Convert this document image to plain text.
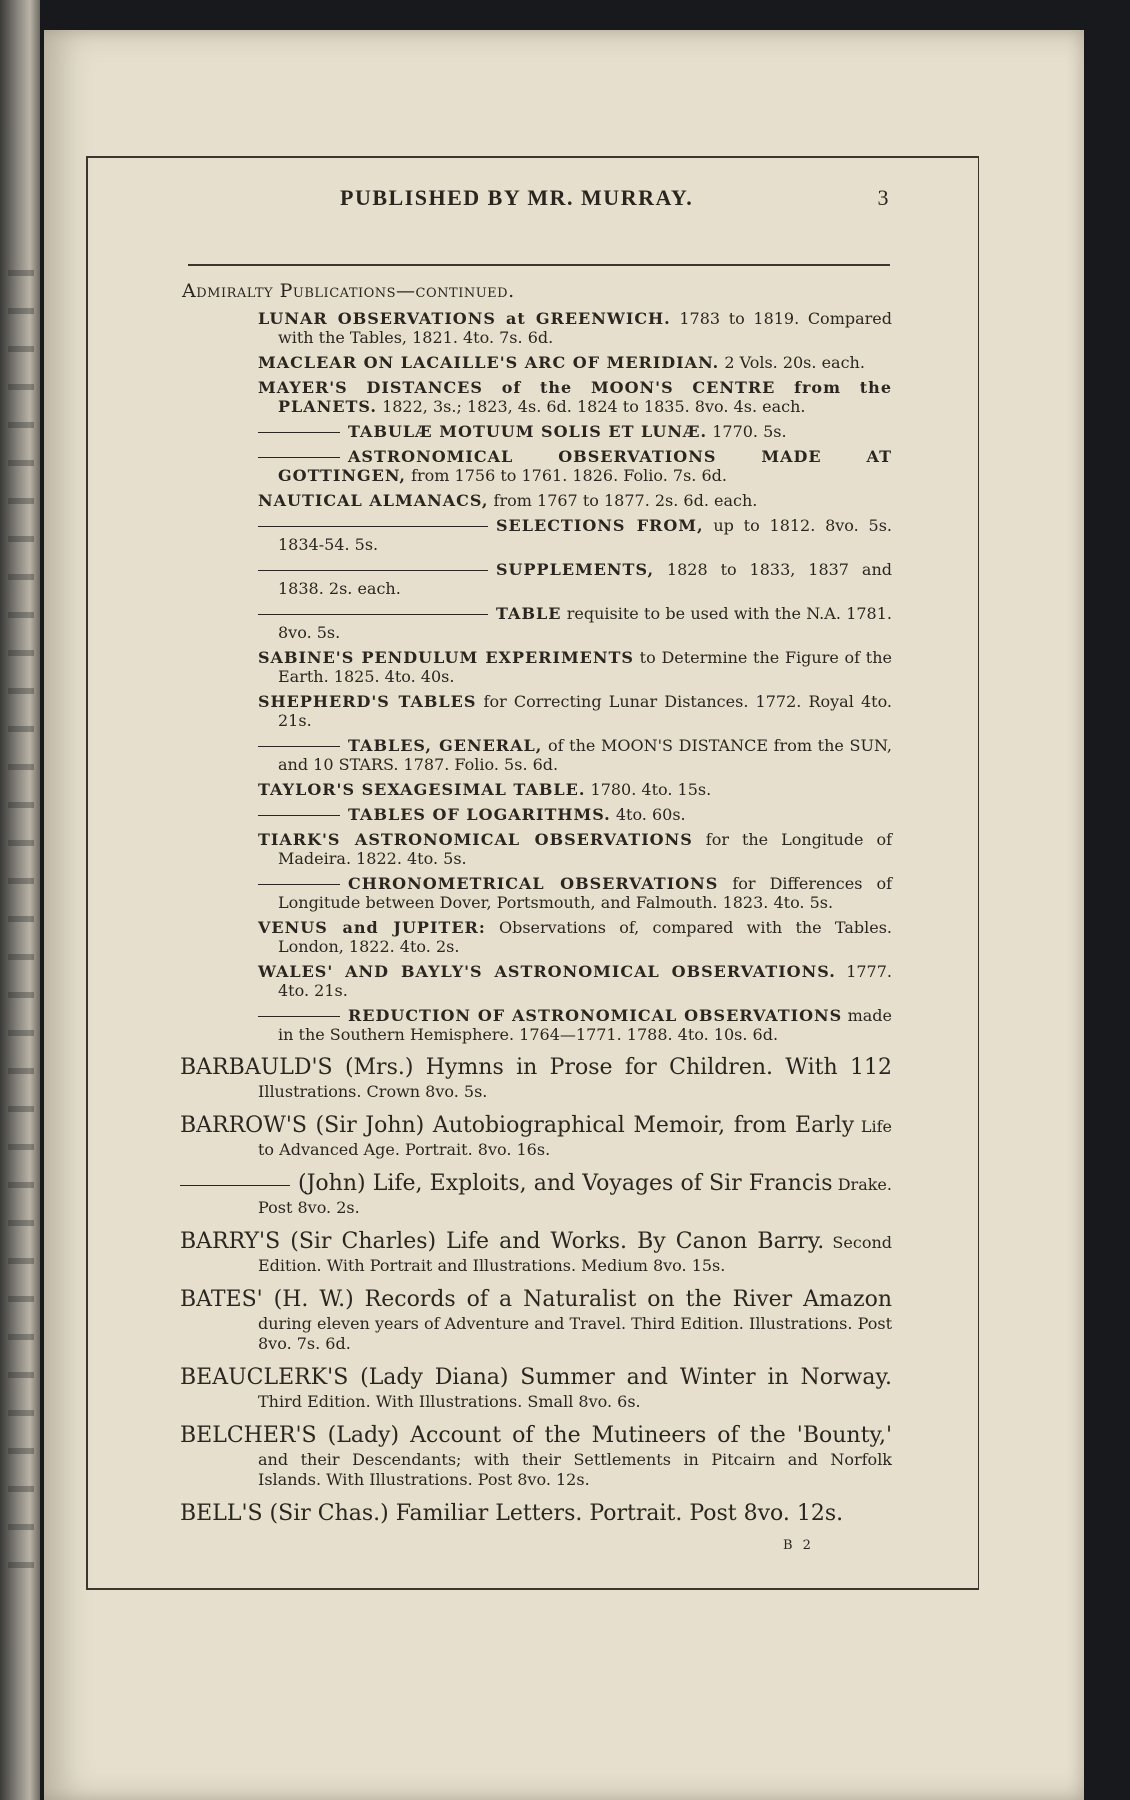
PUBLISHED BY MR. MURRAY.	3
Admiralty Publications—continued.
LUNAR OBSERVATIONS at GREENWICH. 1783 to 1819. Compared with the Tables, 1821. 4to. 7s. 6d.
MACLEAR ON LACAILLE'S ARC OF MERIDIAN. 2 Vols. 20s. each.
MAYER'S DISTANCES of the MOON'S CENTRE from the PLANETS. 1822, 3s.; 1823, 4s. 6d. 1824 to 1835. 8vo. 4s. each.
TABULÆ MOTUUM SOLIS ET LUNÆ. 1770. 5s.
ASTRONOMICAL OBSERVATIONS MADE AT GOTTINGEN, from 1756 to 1761. 1826. Folio. 7s. 6d.
NAUTICAL ALMANACS, from 1767 to 1877. 2s. 6d. each.
SELECTIONS FROM, up to 1812. 8vo. 5s. 1834-54. 5s.
SUPPLEMENTS, 1828 to 1833, 1837 and 1838. 2s. each.
TABLE requisite to be used with the N.A. 1781. 8vo. 5s.
SABINE'S PENDULUM EXPERIMENTS to Determine the Figure of the Earth. 1825. 4to. 40s.
SHEPHERD'S TABLES for Correcting Lunar Distances. 1772. Royal 4to. 21s.
TABLES, GENERAL, of the MOON'S DISTANCE from the SUN, and 10 STARS. 1787. Folio. 5s. 6d.
TAYLOR'S SEXAGESIMAL TABLE. 1780. 4to. 15s.
TABLES OF LOGARITHMS. 4to. 60s.
TIARK'S ASTRONOMICAL OBSERVATIONS for the Longitude of Madeira. 1822. 4to. 5s.
CHRONOMETRICAL OBSERVATIONS for Differences of Longitude between Dover, Portsmouth, and Falmouth. 1823. 4to. 5s.
VENUS and JUPITER: Observations of, compared with the Tables. London, 1822. 4to. 2s.
WALES' AND BAYLY'S ASTRONOMICAL OBSERVATIONS. 1777. 4to. 21s.
REDUCTION OF ASTRONOMICAL OBSERVATIONS made in the Southern Hemisphere. 1764—1771. 1788. 4to. 10s. 6d.
BARBAULD'S (Mrs.) Hymns in Prose for Children. With 112 Illustrations. Crown 8vo. 5s.
BARROW'S (Sir John) Autobiographical Memoir, from Early Life to Advanced Age. Portrait. 8vo. 16s.
(John) Life, Exploits, and Voyages of Sir Francis Drake. Post 8vo. 2s.
BARRY'S (Sir Charles) Life and Works. By Canon Barry. Second Edition. With Portrait and Illustrations. Medium 8vo. 15s.
BATES' (H. W.) Records of a Naturalist on the River Amazon during eleven years of Adventure and Travel. Third Edition. Illustrations. Post 8vo. 7s. 6d.
BEAUCLERK'S (Lady Diana) Summer and Winter in Norway. Third Edition. With Illustrations. Small 8vo. 6s.
BELCHER'S (Lady) Account of the Mutineers of the 'Bounty,' and their Descendants; with their Settlements in Pitcairn and Norfolk Islands. With Illustrations. Post 8vo. 12s.
BELL'S (Sir Chas.) Familiar Letters. Portrait. Post 8vo. 12s.
B 2
